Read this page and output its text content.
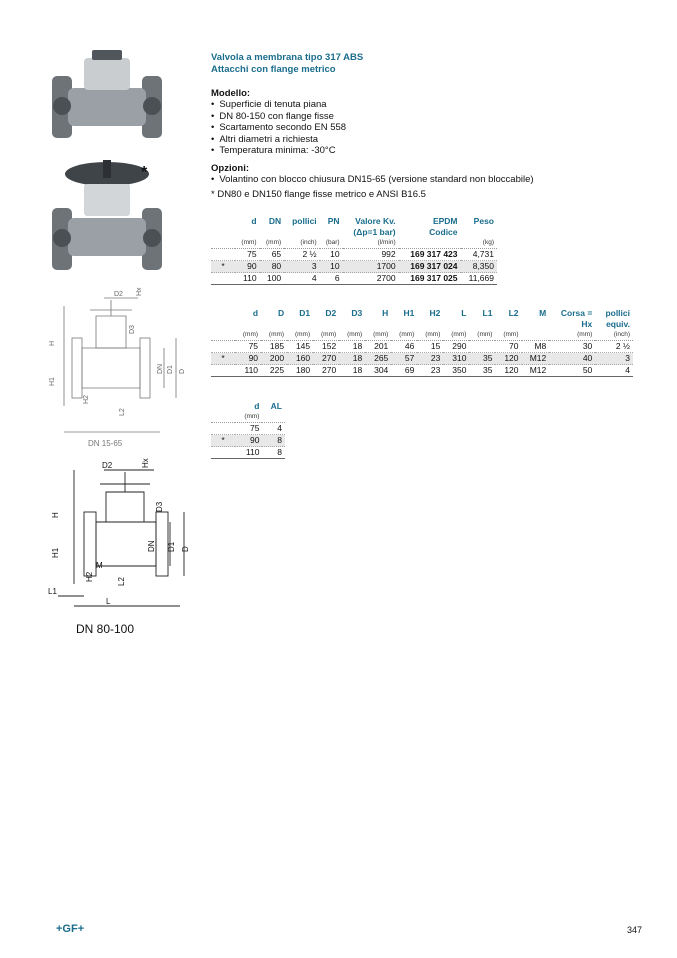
*
D2 Hx
H
H1
H2
L2
D3
DN D1 D
DN 15-65
D2	Hx
H
D3
H1
DN D1 D
H2
M
L2
L1
L
DN 80-100
Valvola a membrana tipo 317 ABS
Attacchi con flange metrico
Modello:
• Superficie di tenuta piana
• DN 80-150 con flange fisse
• Scartamento secondo EN 558
• Altri diametri a richiesta
• Temperatura minima: -30°C
Opzioni:
• Volantino con blocco chiusura DN15-65 (versione standard non bloccabile)
* DN80 e DN150 flange fisse metrico e ANSI B16.5
	d	DN	pollici	PN	Valore Kv.	EPDM	Peso
					(Δp=1 bar)	Codice	
	(mm)	(mm)	(inch)	(bar)	(l/min)		(kg)
	75	65	2 ½	10	992	169 317 423	4,731
*	90	80	3	10	1700	169 317 024	8,350
	110	100	4	6	2700	169 317 025	11,669
	d	D	D1	D2	D3	H	H1	H2	L	L1	L2	M	Corsa =	pollici
													Hx	equiv.
	(mm)	(mm)	(mm)	(mm)	(mm)	(mm)	(mm)	(mm)	(mm)	(mm)	(mm)		(mm)	(inch)
	75	185	145	152	18	201	46	15	290		70	M8	30	2 ½
*	90	200	160	270	18	265	57	23	310	35	120	M12	40	3
	110	225	180	270	18	304	69	23	350	35	120	M12	50	4
	d	AL
	(mm)	
	75	4
*	90	8
	110	8
+GF+	347
